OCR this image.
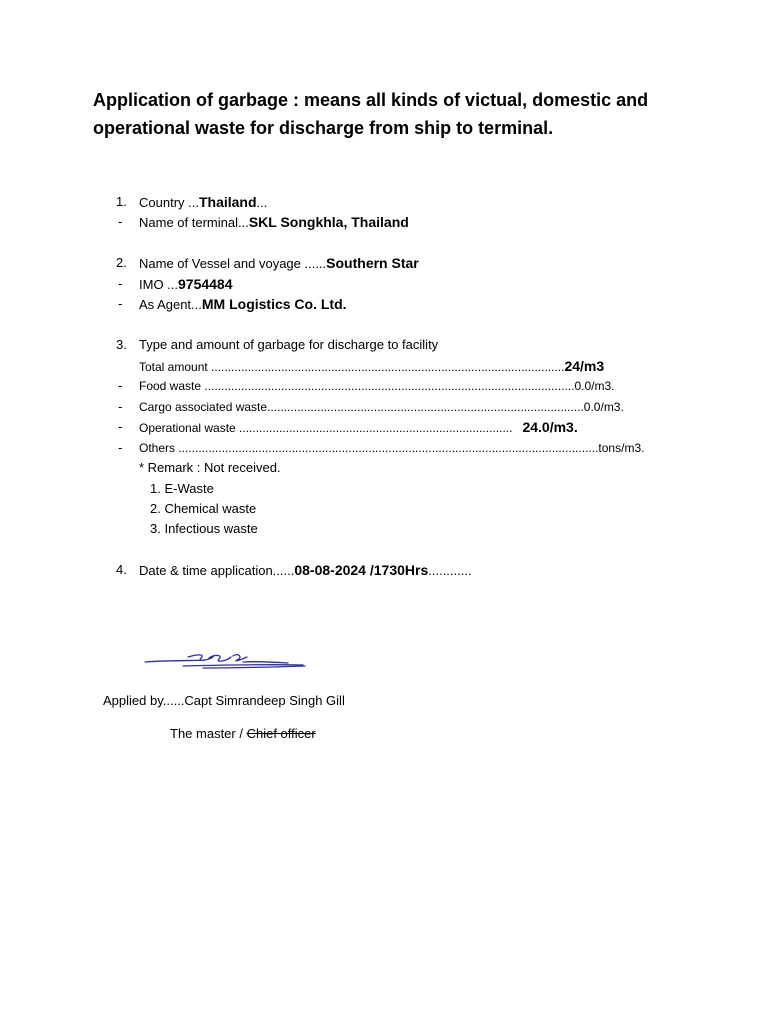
Application of garbage : means all kinds of victual, domestic and operational waste for discharge from ship to terminal.
1. Country ...Thailand...
- Name of terminal...SKL Songkhla, Thailand
2. Name of Vessel and voyage ......Southern Star
- IMO ...9754484
- As Agent...MM Logistics Co. Ltd.
3. Type and amount of garbage for discharge to facility
Total amount ..........................................................................................................24/m3
- Food waste ...............................................................................................................0.0/m3.
- Cargo associated waste...............................................................................................0.0/m3.
- Operational waste .................................................................................. 24.0/m3.
- Others ..............................................................................................................................tons/m3.
* Remark : Not received.
1. E-Waste
2. Chemical waste
3. Infectious waste
4. Date & time application......08-08-2024 /1730Hrs............
Applied by......Capt Simrandeep Singh Gill
The master / Chief officer
